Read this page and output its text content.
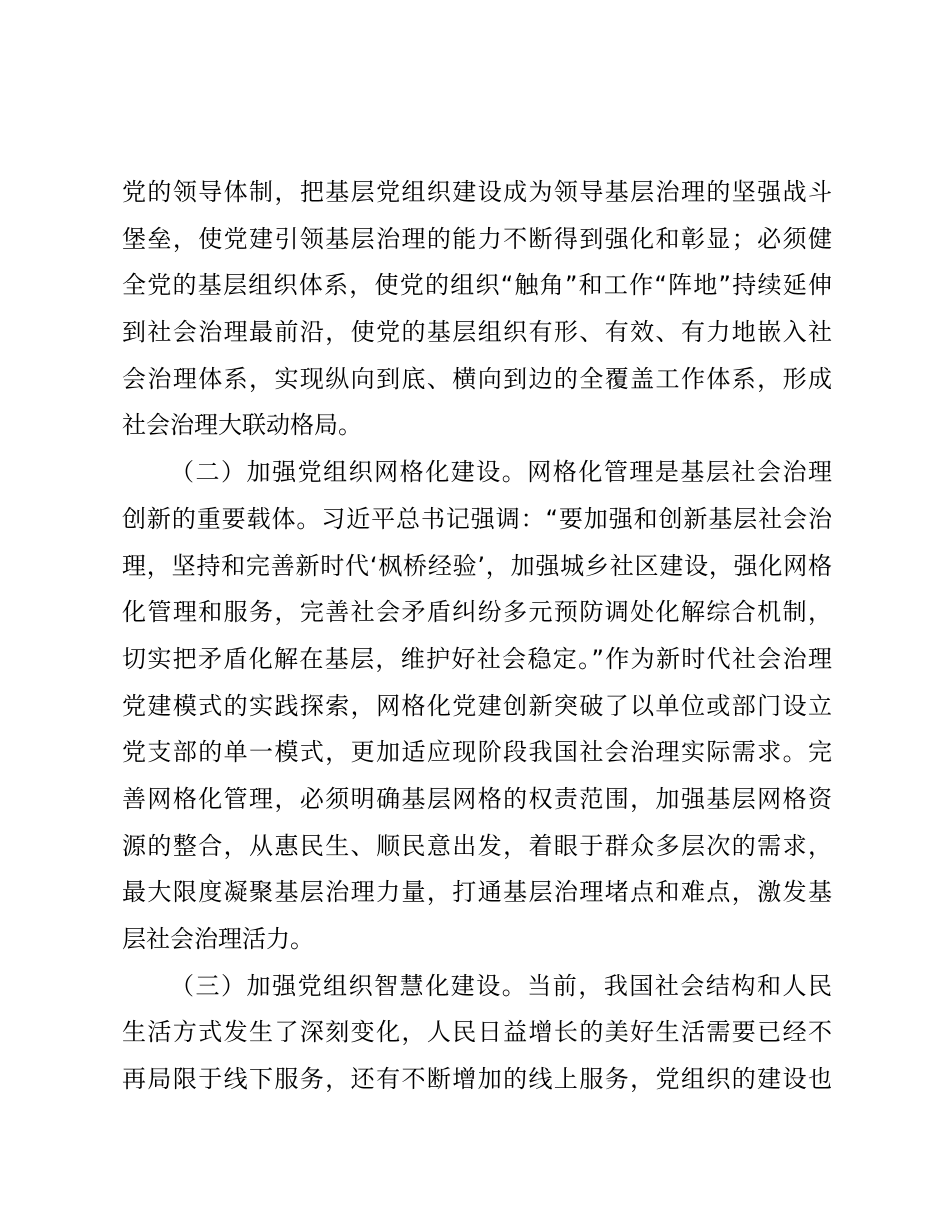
党的领导体制，把基层党组织建设成为领导基层治理的坚强战斗
堡垒，使党建引领基层治理的能力不断得到强化和彰显；必须健
全党的基层组织体系，使党的组织“触角”和工作“阵地”持续延伸
到社会治理最前沿，使党的基层组织有形、有效、有力地嵌入社
会治理体系，实现纵向到底、横向到边的全覆盖工作体系，形成
社会治理大联动格局。
（二）加强党组织网格化建设。网格化管理是基层社会治理
创新的重要载体。习近平总书记强调：“要加强和创新基层社会治
理，坚持和完善新时代‘枫桥经验’，加强城乡社区建设，强化网格
化管理和服务，完善社会矛盾纠纷多元预防调处化解综合机制，
切实把矛盾化解在基层，维护好社会稳定。”作为新时代社会治理
党建模式的实践探索，网格化党建创新突破了以单位或部门设立
党支部的单一模式，更加适应现阶段我国社会治理实际需求。完
善网格化管理，必须明确基层网格的权责范围，加强基层网格资
源的整合，从惠民生、顺民意出发，着眼于群众多层次的需求，
最大限度凝聚基层治理力量，打通基层治理堵点和难点，激发基
层社会治理活力。
（三）加强党组织智慧化建设。当前，我国社会结构和人民
生活方式发生了深刻变化，人民日益增长的美好生活需要已经不
再局限于线下服务，还有不断增加的线上服务，党组织的建设也
